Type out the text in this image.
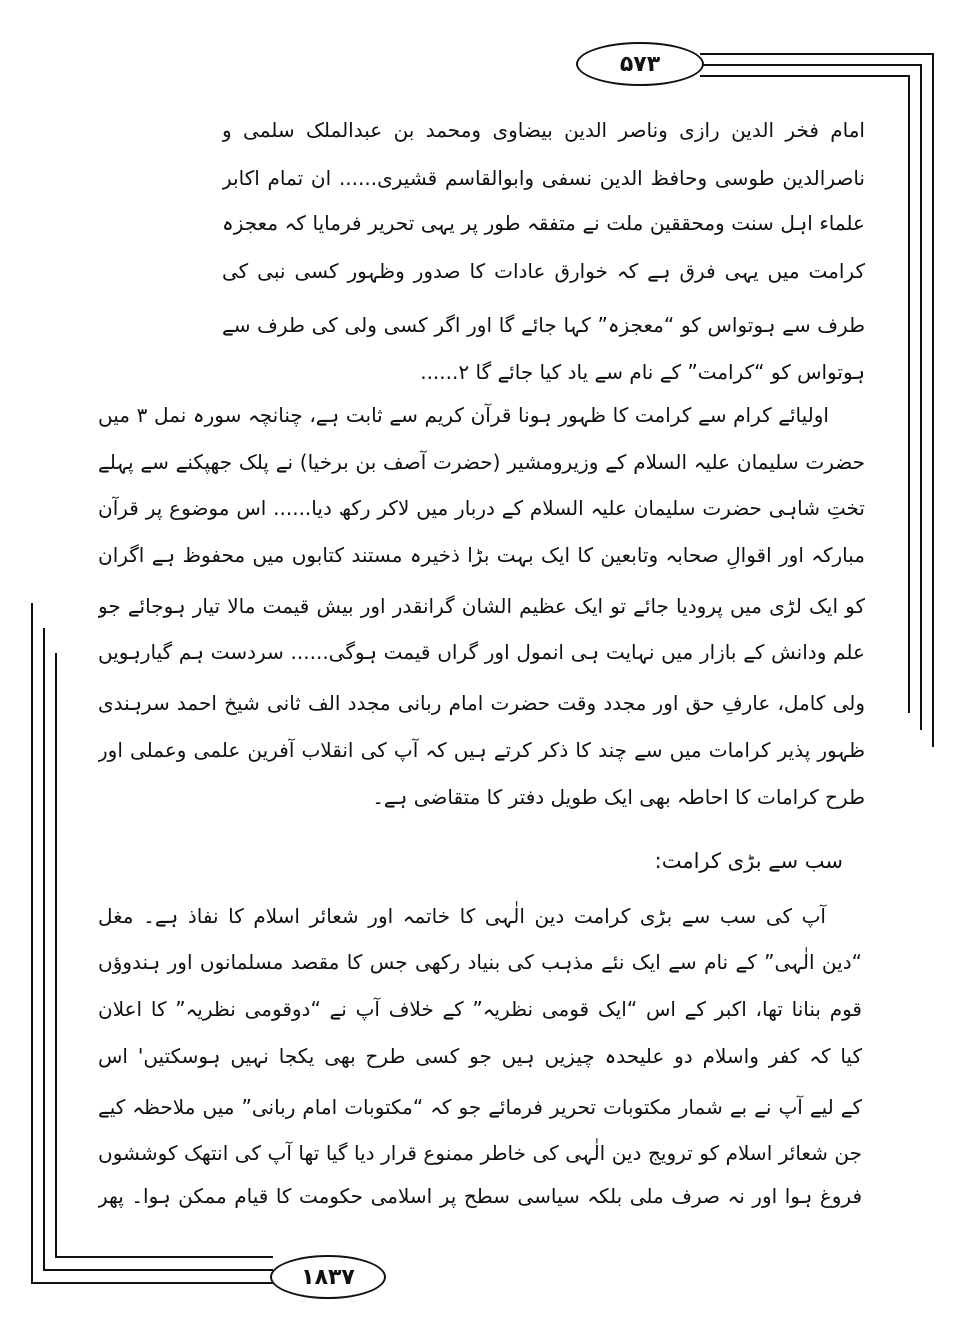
۵۷۳
۱۸۳۷
امام فخر الدین رازی وناصر الدین بیضاوی ومحمد بن عبدالملک سلمی و
ناصرالدین طوسی وحافظ الدین نسفی وابوالقاسم قشیری...... ان تمام اکابر
علماء اہل سنت ومحققین ملت نے متفقہ طور پر یہی تحریر فرمایا کہ معجزہ
کرامت میں یہی فرق ہے کہ خوارق عادات کا صدور وظہور کسی نبی کی
طرف سے ہوتواس کو “معجزہ” کہا جائے گا اور اگر کسی ولی کی طرف سے
ہوتواس کو “کرامت” کے نام سے یاد کیا جائے گا ۲......
اولیائے کرام سے کرامت کا ظہور ہونا قرآن کریم سے ثابت ہے، چنانچہ سورہ نمل ۳ میں
حضرت سلیمان علیہ السلام کے وزیرومشیر (حضرت آصف بن برخیا) نے پلک جھپکنے سے پہلے
تختِ شاہی حضرت سلیمان علیہ السلام کے دربار میں لاکر رکھ دیا...... اس موضوع پر قرآن
مبارکہ اور اقوالِ صحابہ وتابعین کا ایک بہت بڑا ذخیرہ مستند کتابوں میں محفوظ ہے اگران
کو ایک لڑی میں پرودیا جائے تو ایک عظیم الشان گرانقدر اور بیش قیمت مالا تیار ہوجائے جو
علم ودانش کے بازار میں نہایت ہی انمول اور گراں قیمت ہوگی...... سردست ہم گیارہویں
ولی کامل، عارفِ حق اور مجدد وقت حضرت امام ربانی مجدد الف ثانی شیخ احمد سرہندی
ظہور پذیر کرامات میں سے چند کا ذکر کرتے ہیں کہ آپ کی انقلاب آفرین علمی وعملی اور
طرح کرامات کا احاطہ بھی ایک طویل دفتر کا متقاضی ہے۔
آپ کی سب سے بڑی کرامت دین الٰہی کا خاتمہ اور شعائر اسلام کا نفاذ ہے۔ مغل
“دین الٰہی” کے نام سے ایک نئے مذہب کی بنیاد رکھی جس کا مقصد مسلمانوں اور ہندوؤں
قوم بنانا تھا، اکبر کے اس “ایک قومی نظریہ” کے خلاف آپ نے “دوقومی نظریہ” کا اعلان
کیا کہ کفر واسلام دو علیحدہ چیزیں ہیں جو کسی طرح بھی یکجا نہیں ہوسکتیں' اس
کے لیے آپ نے بے شمار مکتوبات تحریر فرمائے جو کہ “مکتوبات امام ربانی” میں ملاحظہ کیے
جن شعائر اسلام کو ترویج دین الٰہی کی خاطر ممنوع قرار دیا گیا تھا آپ کی انتھک کوششوں
فروغ ہوا اور نہ صرف ملی بلکہ سیاسی سطح پر اسلامی حکومت کا قیام ممکن ہوا۔ پھر
سب سے بڑی کرامت:
